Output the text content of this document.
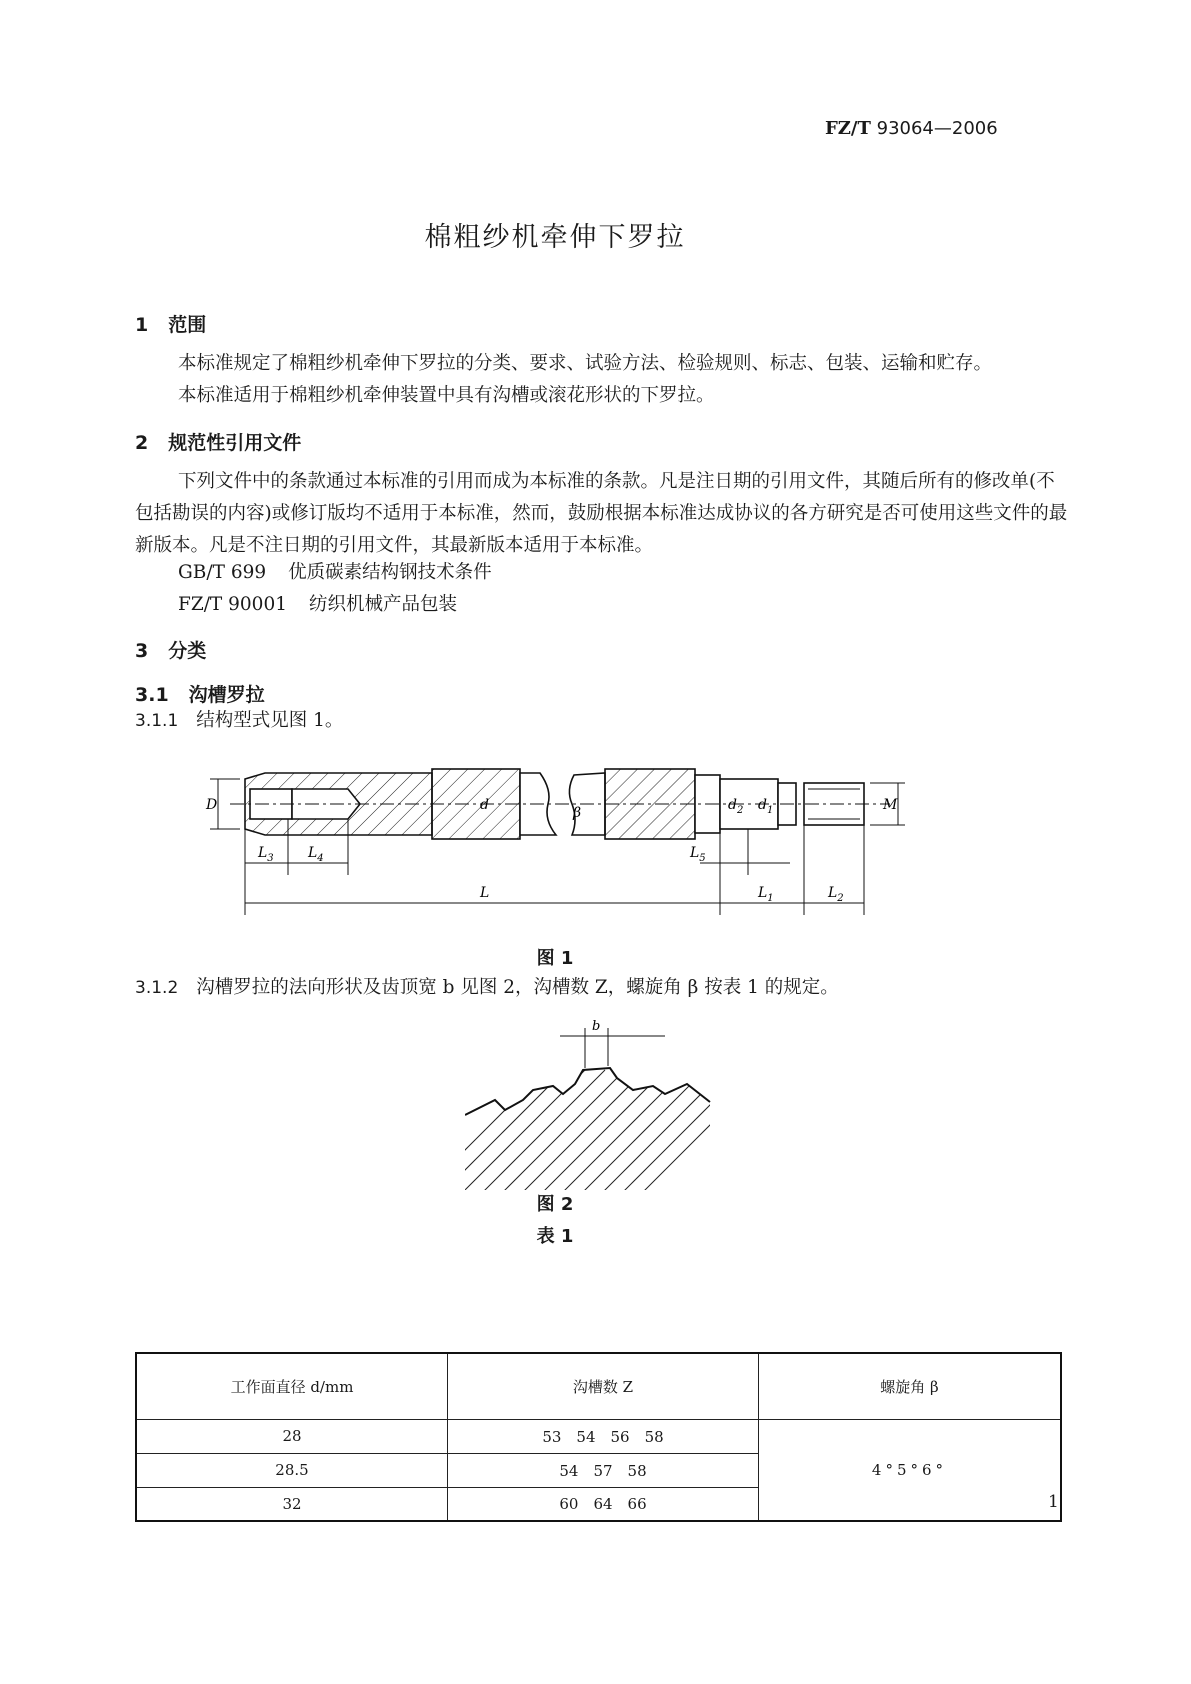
FZ/T 93064—2006
棉粗纱机牵伸下罗拉
1 范围
本标准规定了棉粗纱机牵伸下罗拉的分类、要求、试验方法、检验规则、标志、包装、运输和贮存。
本标准适用于棉粗纱机牵伸装置中具有沟槽或滚花形状的下罗拉。
2 规范性引用文件
下列文件中的条款通过本标准的引用而成为本标准的条款。凡是注日期的引用文件，其随后所有的修改单(不包括勘误的内容)或修订版均不适用于本标准，然而，鼓励根据本标准达成协议的各方研究是否可使用这些文件的最新版本。凡是不注日期的引用文件，其最新版本适用于本标准。
GB/T 699 优质碳素结构钢技术条件
FZ/T 90001 纺织机械产品包装
3 分类
3.1 沟槽罗拉
3.1.1 结构型式见图 1。
D	d	β	$d_2$ $d_1$	M
$L_3$ $L_4$	$L_5$
L	$L_1$	$L_2$
图 1
3.1.2 沟槽罗拉的法向形状及齿顶宽 b 见图 2，沟槽数 Z，螺旋角 β 按表 1 的规定。
b
图 2
表 1
工作面直径 d/mm	沟槽数 Z	螺旋角 β
28	53　54　56　58	4°5°6°
28.5	54　57　58	
32	60　64　66		1
